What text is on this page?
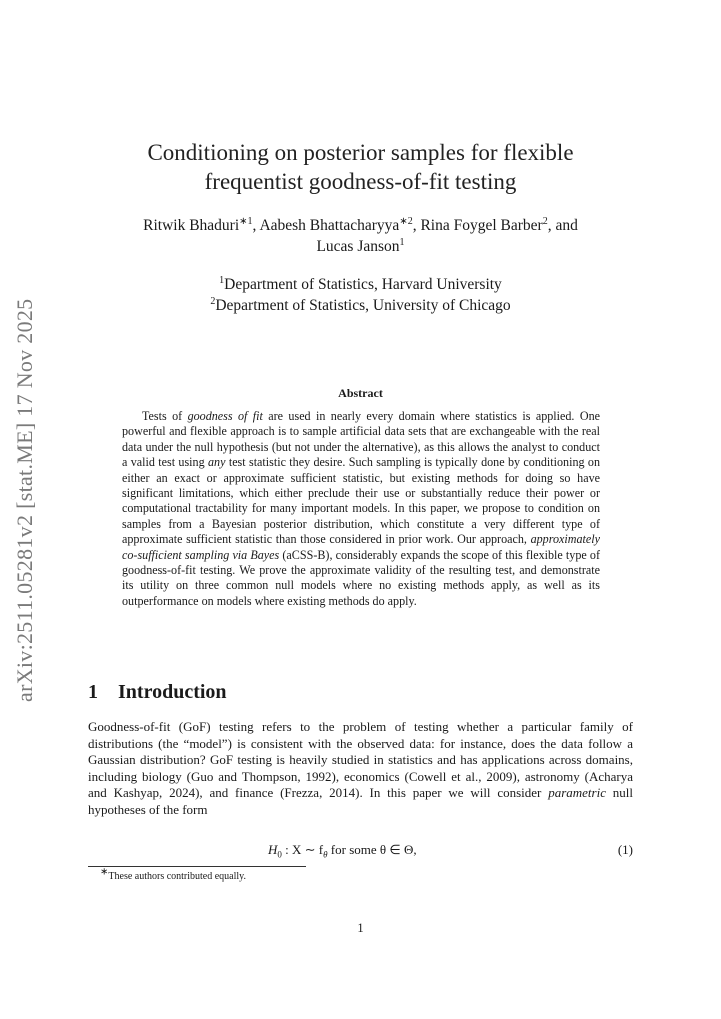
arXiv:2511.05281v2 [stat.ME] 17 Nov 2025
Conditioning on posterior samples for flexible
frequentist goodness-of-fit testing
Ritwik Bhaduri$^{∗1}$, Aabesh Bhattacharyya$^{∗2}$, Rina Foygel Barber$^2$, and
Lucas Janson$^1$
$^1$Department of Statistics, Harvard University
$^2$Department of Statistics, University of Chicago
Abstract

Tests of goodness of fit are used in nearly every domain where statistics is applied. One powerful and flexible approach is to sample artificial data sets that are exchangeable with the real data under the null hypothesis (but not under the alternative), as this allows the analyst to conduct a valid test using any test statistic they desire. Such sampling is typically done by conditioning on either an exact or approximate sufficient statistic, but existing methods for doing so have significant limitations, which either preclude their use or substantially reduce their power or computational tractability for many important models. In this paper, we propose to condition on samples from a Bayesian posterior distribution, which constitute a very different type of approximate sufficient statistic than those considered in prior work. Our approach, approximately co-sufficient sampling via Bayes (aCSS-B), considerably expands the scope of this flexible type of goodness-of-fit testing. We prove the approximate validity of the resulting test, and demonstrate its utility on three common null models where no existing methods apply, as well as its outperformance on models where existing methods do apply.

1 Introduction

Goodness-of-fit (GoF) testing refers to the problem of testing whether a particular family of distributions (the “model”) is consistent with the observed data: for instance, does the data follow a Gaussian distribution? GoF testing is heavily studied in statistics and has applications across domains, including biology (Guo and Thompson, 1992), economics (Cowell et al., 2009), astronomy (Acharya and Kashyap, 2024), and finance (Frezza, 2014). In this paper we will consider parametric null hypotheses of the form

$H_0$ : X ∼ $f_\theta$ for some θ ∈ Θ,	(1)
∗These authors contributed equally.
1
